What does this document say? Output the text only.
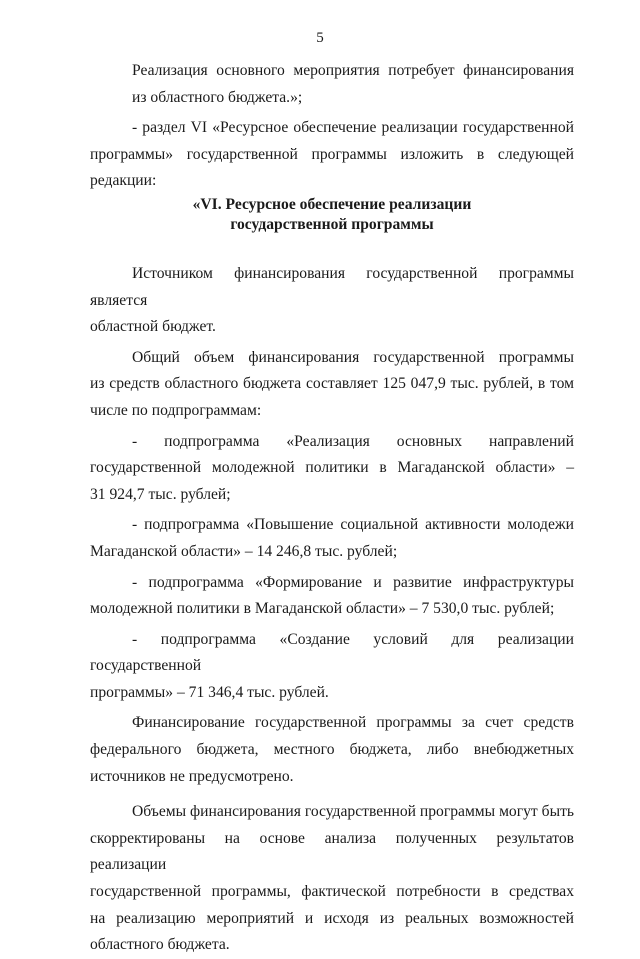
5

Реализация основного мероприятия потребует финансирования
из областного бюджета.»;

- раздел VI «Ресурсное обеспечение реализации государственной
программы» государственной программы изложить в следующей
редакции:

«VI. Ресурсное обеспечение реализации
государственной программы

Источником финансирования государственной программы является
областной бюджет.

Общий объем финансирования государственной программы
из средств областного бюджета составляет 125 047,9 тыс. рублей, в том
числе по подпрограммам:

- подпрограмма «Реализация основных направлений
государственной молодежной политики в Магаданской области» –
31 924,7 тыс. рублей;

- подпрограмма «Повышение социальной активности молодежи
Магаданской области» – 14 246,8 тыс. рублей;

- подпрограмма «Формирование и развитие инфраструктуры
молодежной политики в Магаданской области» – 7 530,0 тыс. рублей;

- подпрограмма «Создание условий для реализации государственной
программы» – 71 346,4 тыс. рублей.

Финансирование государственной программы за счет средств
федерального бюджета, местного бюджета, либо внебюджетных
источников не предусмотрено.

Объемы финансирования государственной программы могут быть
скорректированы на основе анализа полученных результатов реализации
государственной программы, фактической потребности в средствах
на реализацию мероприятий и исходя из реальных возможностей
областного бюджета.
